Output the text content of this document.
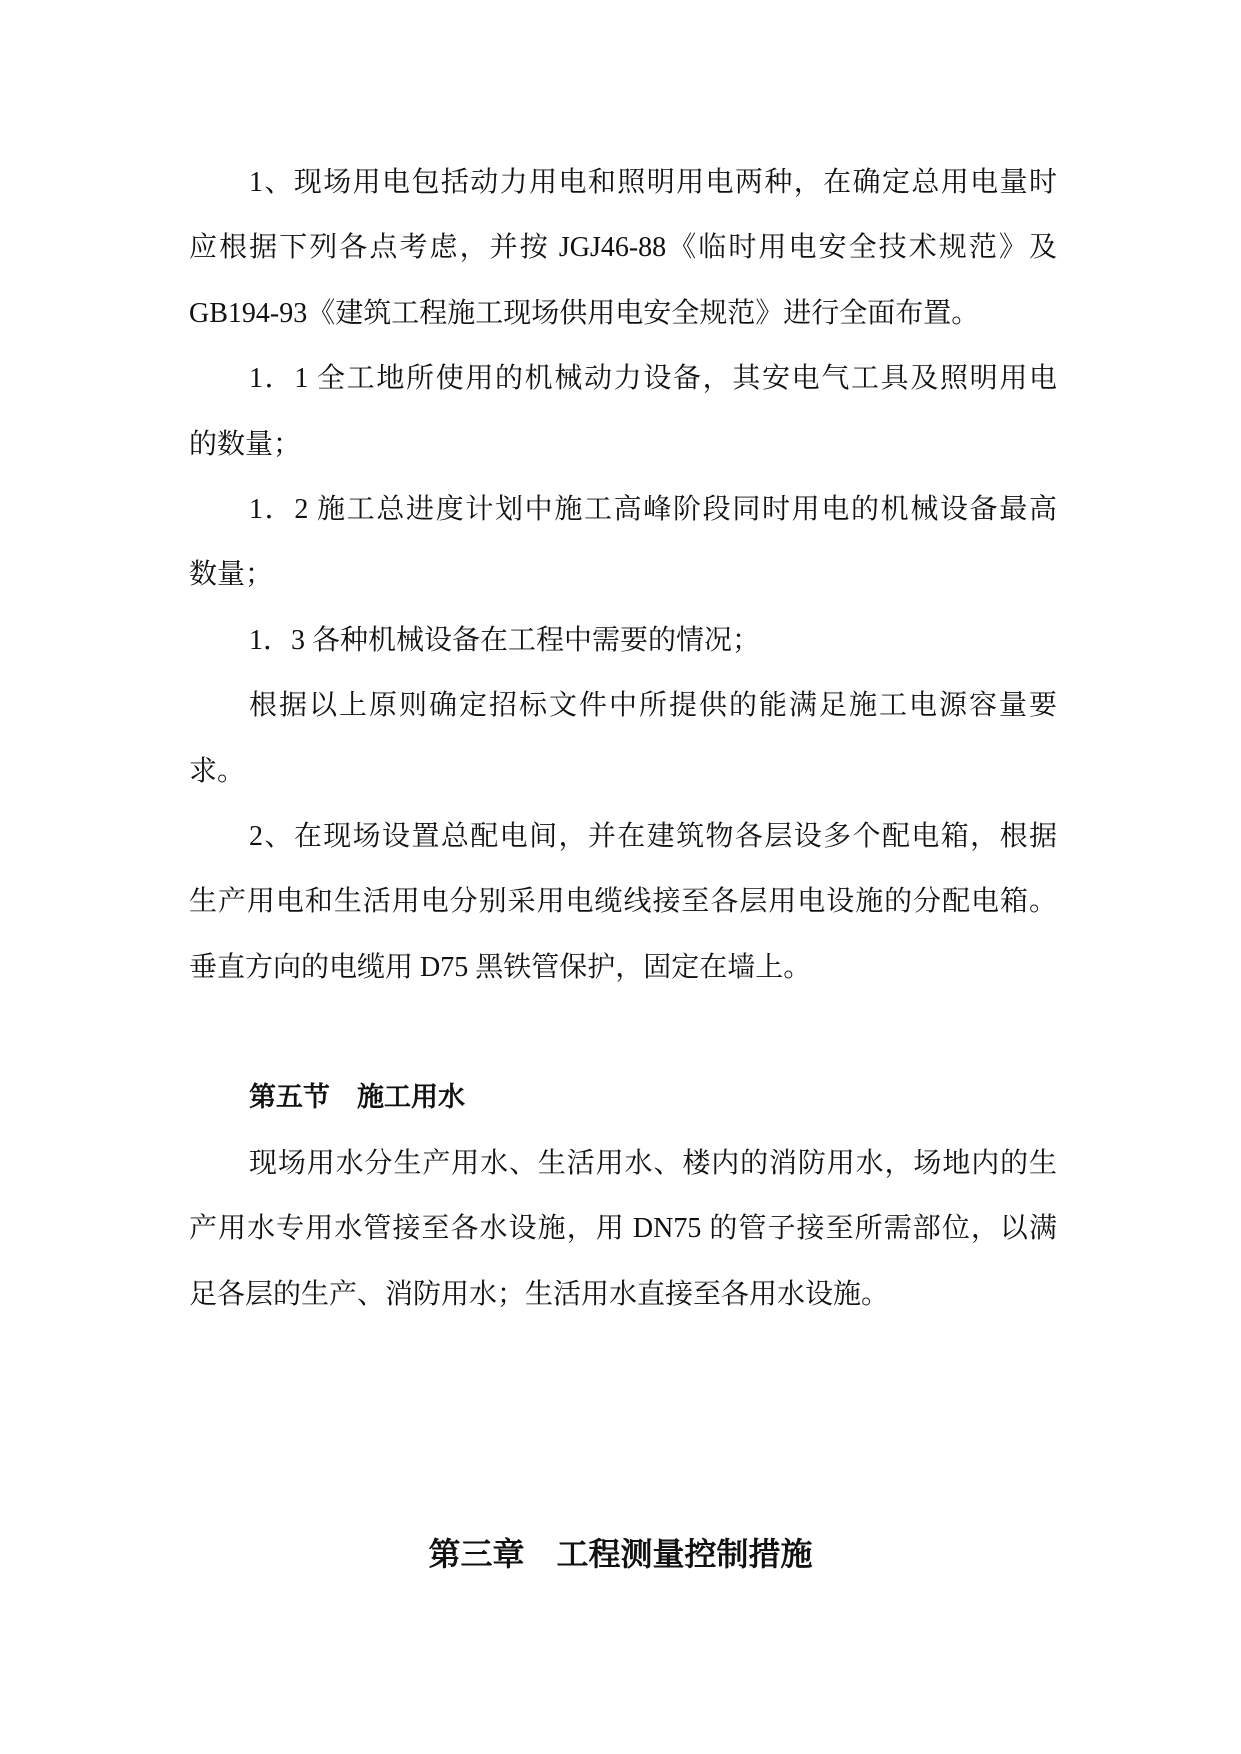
1、现场用电包括动力用电和照明用电两种，在确定总用电量时
应根据下列各点考虑，并按 JGJ46-88《临时用电安全技术规范》及
GB194-93《建筑工程施工现场供用电安全规范》进行全面布置。
1．1 全工地所使用的机械动力设备，其安电气工具及照明用电
的数量；
1．2 施工总进度计划中施工高峰阶段同时用电的机械设备最高
数量；
1．3 各种机械设备在工程中需要的情况；
根据以上原则确定招标文件中所提供的能满足施工电源容量要
求。
2、在现场设置总配电间，并在建筑物各层设多个配电箱，根据
生产用电和生活用电分别采用电缆线接至各层用电设施的分配电箱。
垂直方向的电缆用 D75 黑铁管保护，固定在墙上。
第五节　施工用水
现场用水分生产用水、生活用水、楼内的消防用水，场地内的生
产用水专用水管接至各水设施，用 DN75 的管子接至所需部位，以满
足各层的生产、消防用水；生活用水直接至各用水设施。
第三章　工程测量控制措施
